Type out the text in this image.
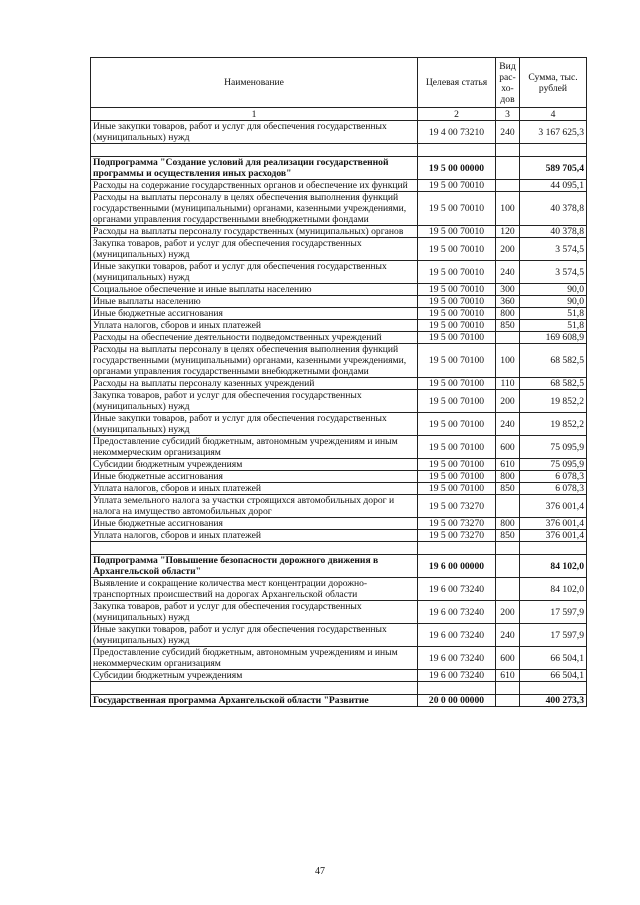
Наименование	Целевая статья	Вид рас-хо-дов	Сумма, тыс. рублей
1	2	3	4
Иные закупки товаров, работ и услуг для обеспечения государственных (муниципальных) нужд	19 4 00 73210	240	3 167 625,3

Подпрограмма "Создание условий для реализации государственной программы и осуществления иных расходов"	19 5 00 00000		589 705,4
Расходы на содержание государственных органов и обеспечение их функций	19 5 00 70010		44 095,1
Расходы на выплаты персоналу в целях обеспечения выполнения функций государственными (муниципальными) органами, казенными учреждениями, органами управления государственными внебюджетными фондами	19 5 00 70010	100	40 378,8
Расходы на выплаты персоналу государственных (муниципальных) органов	19 5 00 70010	120	40 378,8
Закупка товаров, работ и услуг для обеспечения государственных (муниципальных) нужд	19 5 00 70010	200	3 574,5
Иные закупки товаров, работ и услуг для обеспечения государственных (муниципальных) нужд	19 5 00 70010	240	3 574,5
Социальное обеспечение и иные выплаты населению	19 5 00 70010	300	90,0
Иные выплаты населению	19 5 00 70010	360	90,0
Иные бюджетные ассигнования	19 5 00 70010	800	51,8
Уплата налогов, сборов и иных платежей	19 5 00 70010	850	51,8
Расходы на обеспечение деятельности подведомственных учреждений	19 5 00 70100		169 608,9
Расходы на выплаты персоналу в целях обеспечения выполнения функций государственными (муниципальными) органами, казенными учреждениями, органами управления государственными внебюджетными фондами	19 5 00 70100	100	68 582,5
Расходы на выплаты персоналу казенных учреждений	19 5 00 70100	110	68 582,5
Закупка товаров, работ и услуг для обеспечения государственных (муниципальных) нужд	19 5 00 70100	200	19 852,2
Иные закупки товаров, работ и услуг для обеспечения государственных (муниципальных) нужд	19 5 00 70100	240	19 852,2
Предоставление субсидий бюджетным, автономным учреждениям и иным некоммерческим организациям	19 5 00 70100	600	75 095,9
Субсидии бюджетным учреждениям	19 5 00 70100	610	75 095,9
Иные бюджетные ассигнования	19 5 00 70100	800	6 078,3
Уплата налогов, сборов и иных платежей	19 5 00 70100	850	6 078,3
Уплата земельного налога за участки строящихся автомобильных дорог и налога на имущество автомобильных дорог	19 5 00 73270		376 001,4
Иные бюджетные ассигнования	19 5 00 73270	800	376 001,4
Уплата налогов, сборов и иных платежей	19 5 00 73270	850	376 001,4

Подпрограмма "Повышение безопасности дорожного движения в Архангельской области"	19 6 00 00000		84 102,0
Выявление и сокращение количества мест концентрации дорожно-транспортных происшествий на дорогах Архангельской области	19 6 00 73240		84 102,0
Закупка товаров, работ и услуг для обеспечения государственных (муниципальных) нужд	19 6 00 73240	200	17 597,9
Иные закупки товаров, работ и услуг для обеспечения государственных (муниципальных) нужд	19 6 00 73240	240	17 597,9
Предоставление субсидий бюджетным, автономным учреждениям и иным некоммерческим организациям	19 6 00 73240	600	66 504,1
Субсидии бюджетным учреждениям	19 6 00 73240	610	66 504,1

Государственная программа Архангельской области "Развитие	20 0 00 00000		400 273,3
47
